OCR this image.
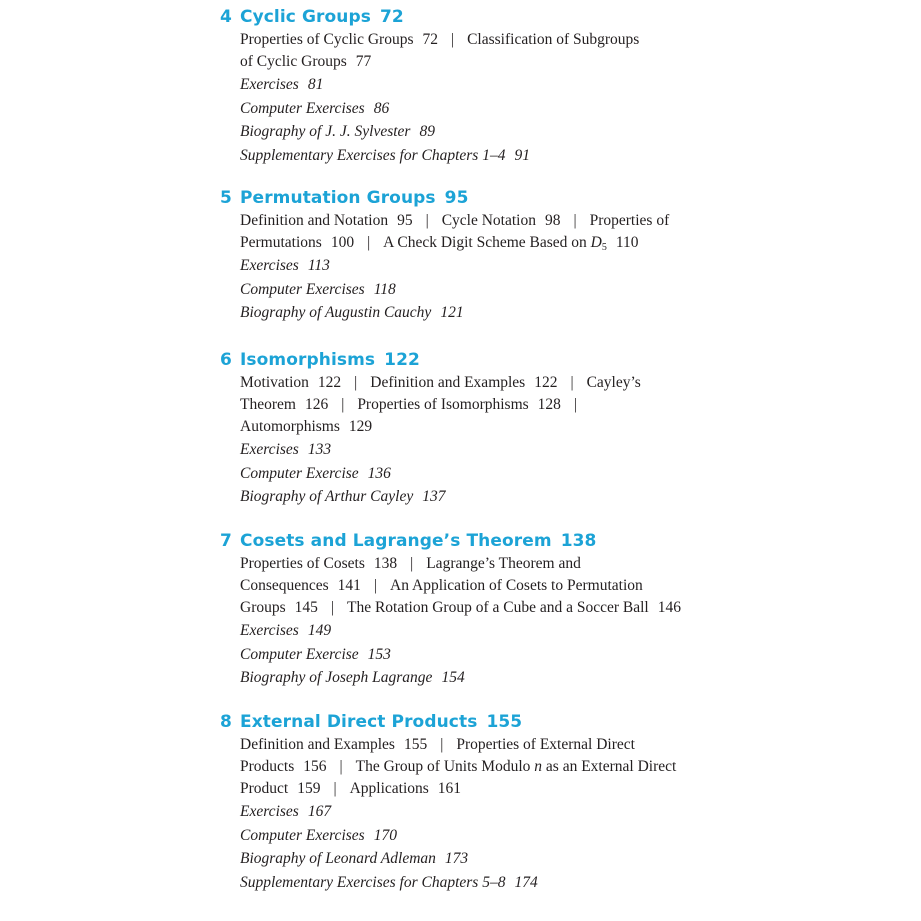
4 Cyclic Groups 72
Properties of Cyclic Groups 72 | Classification of Subgroups
of Cyclic Groups 77
Exercises 81
Computer Exercises 86
Biography of J. J. Sylvester 89
Supplementary Exercises for Chapters 1–4 91
5 Permutation Groups 95
Definition and Notation 95 | Cycle Notation 98 | Properties of
Permutations 100 | A Check Digit Scheme Based on $D_5$ 110
Exercises 113
Computer Exercises 118
Biography of Augustin Cauchy 121
6 Isomorphisms 122
Motivation 122 | Definition and Examples 122 | Cayley’s
Theorem 126 | Properties of Isomorphisms 128 |
Automorphisms 129
Exercises 133
Computer Exercise 136
Biography of Arthur Cayley 137
7 Cosets and Lagrange’s Theorem 138
Properties of Cosets 138 | Lagrange’s Theorem and
Consequences 141 | An Application of Cosets to Permutation
Groups 145 | The Rotation Group of a Cube and a Soccer Ball 146
Exercises 149
Computer Exercise 153
Biography of Joseph Lagrange 154
8 External Direct Products 155
Definition and Examples 155 | Properties of External Direct
Products 156 | The Group of Units Modulo n as an External Direct
Product 159 | Applications 161
Exercises 167
Computer Exercises 170
Biography of Leonard Adleman 173
Supplementary Exercises for Chapters 5–8 174
